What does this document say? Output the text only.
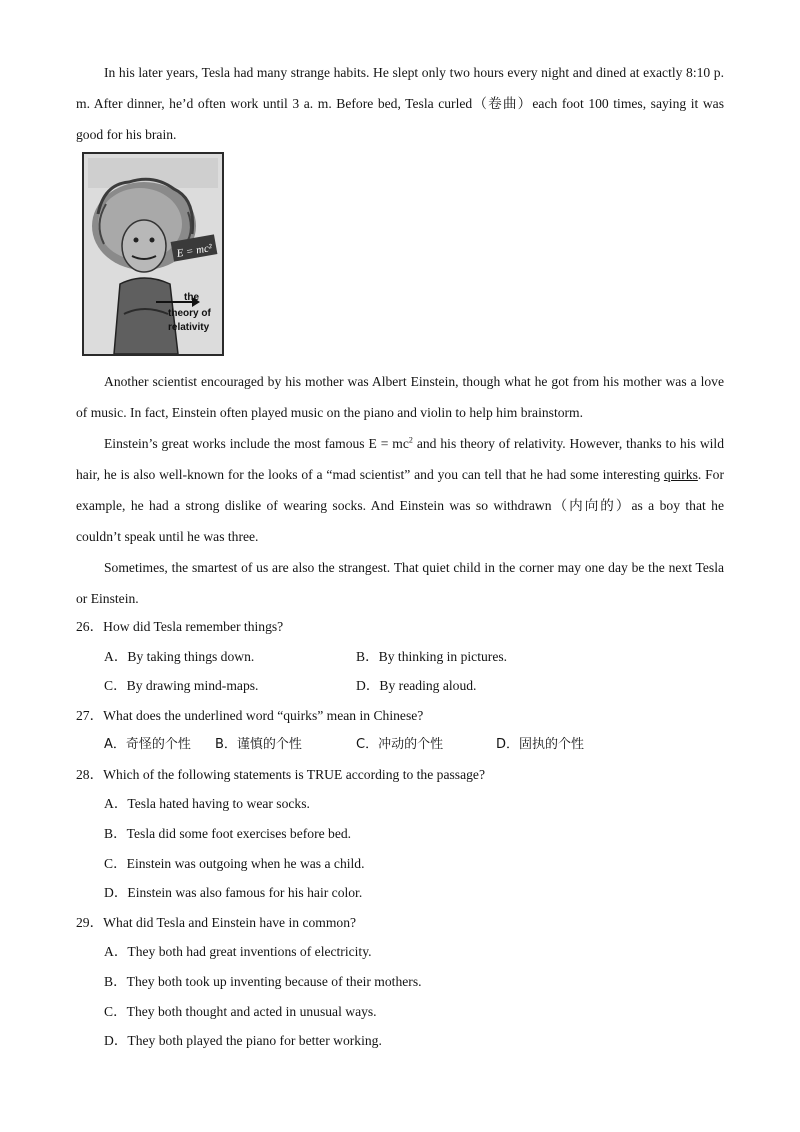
In his later years, Tesla had many strange habits. He slept only two hours every night and dined at exactly 8:10 p. m. After dinner, he’d often work until 3 a. m. Before bed, Tesla curled（卷曲）each foot 100 times, saying it was good for his brain.

E = mc²
the
theory of
relativity

Another scientist encouraged by his mother was Albert Einstein, though what he got from his mother was a love of music. In fact, Einstein often played music on the piano and violin to help him brainstorm.

Einstein’s great works include the most famous $E = mc^2$ and his theory of relativity. However, thanks to his wild hair, he is also well-known for the looks of a “mad scientist” and you can tell that he had some interesting quirks. For example, he had a strong dislike of wearing socks. And Einstein was so withdrawn（内向的）as a boy that he couldn’t speak until he was three.

Sometimes, the smartest of us are also the strangest. That quiet child in the corner may one day be the next Tesla or Einstein.

26．How did Tesla remember things?

A．By taking things down.	B．By thinking in pictures.

C．By drawing mind-maps.	D．By reading aloud.

27．What does the underlined word “quirks” mean in Chinese?

A．奇怪的个性 B．谨慎的个性	C．冲动的个性	D．固执的个性

28．Which of the following statements is TRUE according to the passage?

A．Tesla hated having to wear socks.

B．Tesla did some foot exercises before bed.

C．Einstein was outgoing when he was a child.

D．Einstein was also famous for his hair color.

29．What did Tesla and Einstein have in common?

A．They both had great inventions of electricity.

B．They both took up inventing because of their mothers.

C．They both thought and acted in unusual ways.

D．They both played the piano for better working.
